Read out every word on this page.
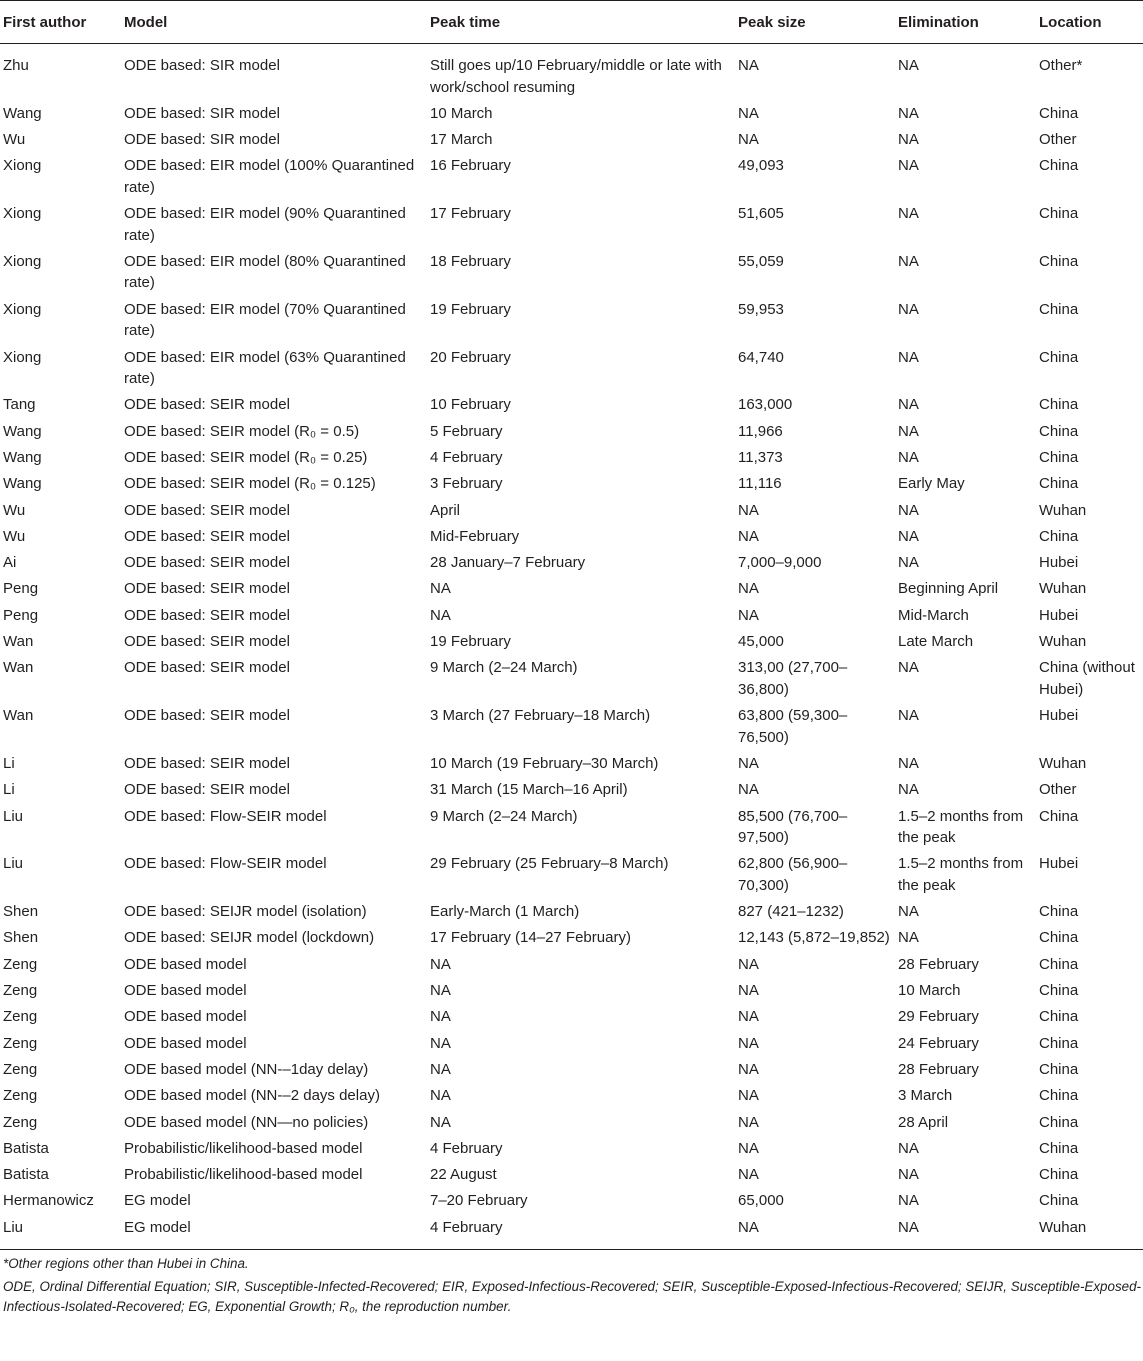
First author	Model	Peak time	Peak size	Elimination	Location
Zhu	ODE based: SIR model	Still goes up/10 February/middle or late with work/school resuming	NA	NA	Other*
Wang	ODE based: SIR model	10 March	NA	NA	China
Wu	ODE based: SIR model	17 March	NA	NA	Other
Xiong	ODE based: EIR model (100% Quarantined rate)	16 February	49,093	NA	China
Xiong	ODE based: EIR model (90% Quarantined rate)	17 February	51,605	NA	China
Xiong	ODE based: EIR model (80% Quarantined rate)	18 February	55,059	NA	China
Xiong	ODE based: EIR model (70% Quarantined rate)	19 February	59,953	NA	China
Xiong	ODE based: EIR model (63% Quarantined rate)	20 February	64,740	NA	China
Tang	ODE based: SEIR model	10 February	163,000	NA	China
Wang	ODE based: SEIR model (R₀ = 0.5)	5 February	11,966	NA	China
Wang	ODE based: SEIR model (R₀ = 0.25)	4 February	11,373	NA	China
Wang	ODE based: SEIR model (R₀ = 0.125)	3 February	11,116	Early May	China
Wu	ODE based: SEIR model	April	NA	NA	Wuhan
Wu	ODE based: SEIR model	Mid-February	NA	NA	China
Ai	ODE based: SEIR model	28 January–7 February	7,000–9,000	NA	Hubei
Peng	ODE based: SEIR model	NA	NA	Beginning April	Wuhan
Peng	ODE based: SEIR model	NA	NA	Mid-March	Hubei
Wan	ODE based: SEIR model	19 February	45,000	Late March	Wuhan
Wan	ODE based: SEIR model	9 March (2–24 March)	313,00 (27,700–36,800)	NA	China (without Hubei)
Wan	ODE based: SEIR model	3 March (27 February–18 March)	63,800 (59,300–76,500)	NA	Hubei
Li	ODE based: SEIR model	10 March (19 February–30 March)	NA	NA	Wuhan
Li	ODE based: SEIR model	31 March (15 March–16 April)	NA	NA	Other
Liu	ODE based: Flow-SEIR model	9 March (2–24 March)	85,500 (76,700–97,500)	1.5–2 months from the peak	China
Liu	ODE based: Flow-SEIR model	29 February (25 February–8 March)	62,800 (56,900–70,300)	1.5–2 months from the peak	Hubei
Shen	ODE based: SEIJR model (isolation)	Early-March (1 March)	827 (421–1232)	NA	China
Shen	ODE based: SEIJR model (lockdown)	17 February (14–27 February)	12,143 (5,872–19,852)	NA	China
Zeng	ODE based model	NA	NA	28 February	China
Zeng	ODE based model	NA	NA	10 March	China
Zeng	ODE based model	NA	NA	29 February	China
Zeng	ODE based model	NA	NA	24 February	China
Zeng	ODE based model (NN-–1day delay)	NA	NA	28 February	China
Zeng	ODE based model (NN-–2 days delay)	NA	NA	3 March	China
Zeng	ODE based model (NN—no policies)	NA	NA	28 April	China
Batista	Probabilistic/likelihood-based model	4 February	NA	NA	China
Batista	Probabilistic/likelihood-based model	22 August	NA	NA	China
Hermanowicz	EG model	7–20 February	65,000	NA	China
Liu	EG model	4 February	NA	NA	Wuhan

*Other regions other than Hubei in China.

ODE, Ordinal Differential Equation; SIR, Susceptible-Infected-Recovered; EIR, Exposed-Infectious-Recovered; SEIR, Susceptible-Exposed-Infectious-Recovered; SEIJR, Susceptible-Exposed-Infectious-Isolated-Recovered; EG, Exponential Growth; R₀, the reproduction number.
